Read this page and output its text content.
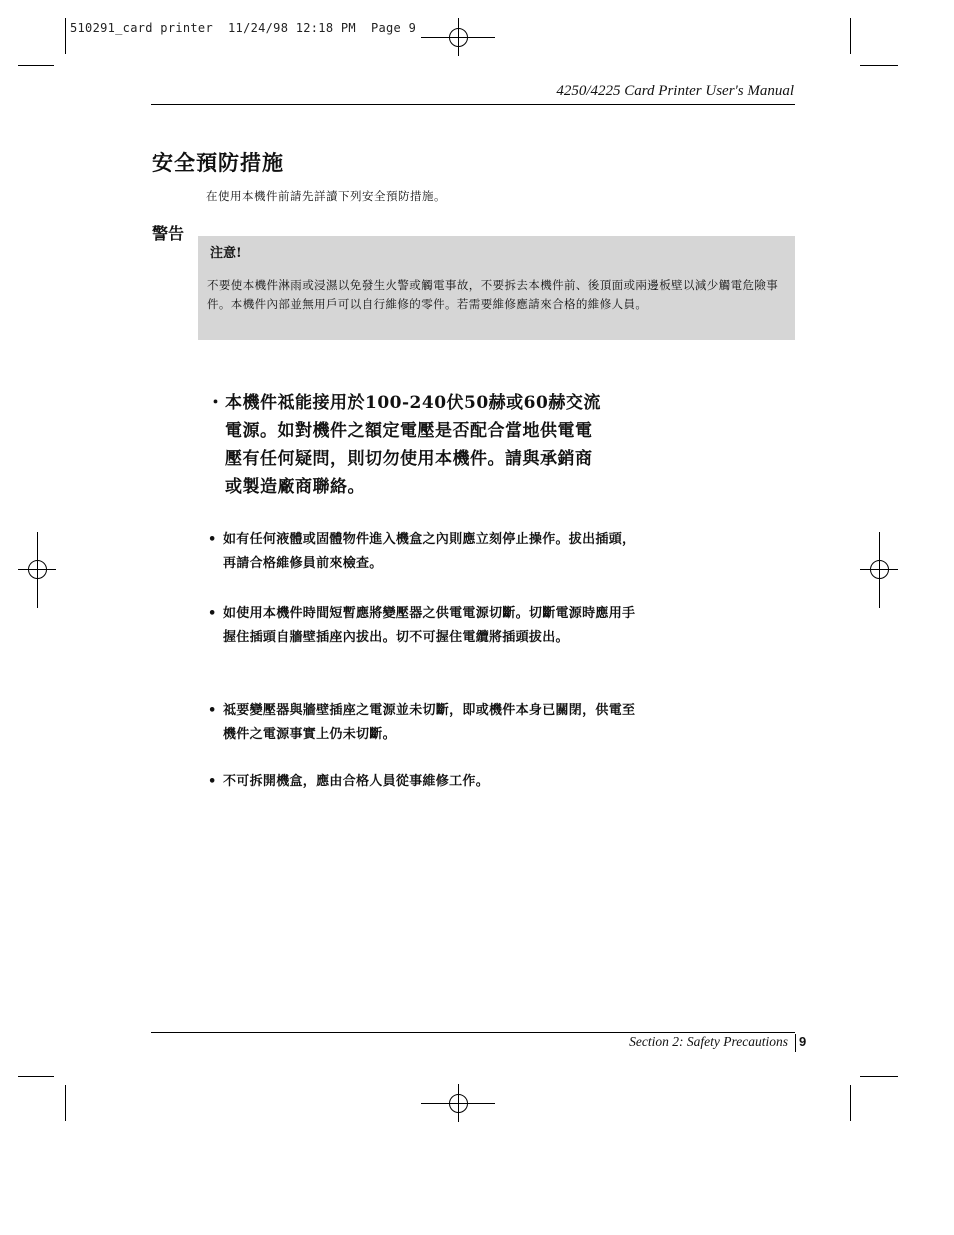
510291_card printer  11/24/98 12:18 PM  Page 9
4250/4225 Card Printer User's Manual
安全預防措施
在使用本機件前請先詳讀下列安全預防措施。
警告
注意!
不要使本機件淋雨或浸濕以免發生火警或觸電事故，不要拆去本機件前、後頂面或兩邊板壁以減少觸電危險事件。本機件內部並無用戶可以自行維修的零件。若需要維修應請來合格的維修人員。
・ 本機件祗能接用於100-240伏50赫或60赫交流電源。如對機件之額定電壓是否配合當地供電電壓有任何疑問，則切勿使用本機件。請與承銷商或製造廠商聯絡。
• 如有任何液體或固體物件進入機盒之內則應立刻停止操作。拔出插頭，再請合格維修員前來檢查。
• 如使用本機件時間短暫應將變壓器之供電電源切斷。切斷電源時應用手握住插頭自牆壁插座內拔出。切不可握住電纜將插頭拔出。
• 祗要變壓器與牆壁插座之電源並未切斷，即或機件本身已關閉，供電至機件之電源事實上仍未切斷。
• 不可拆開機盒，應由合格人員從事維修工作。
Section 2: Safety Precautions 9
